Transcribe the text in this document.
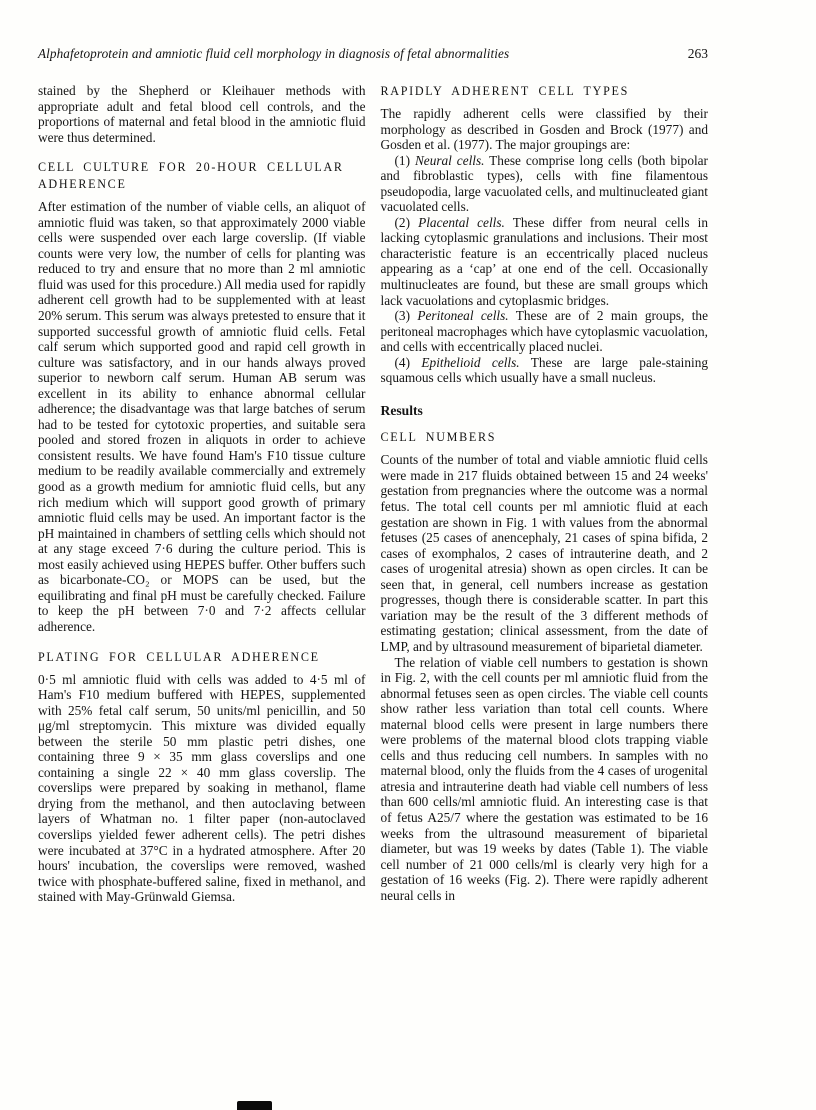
Alphafetoprotein and amniotic fluid cell morphology in diagnosis of fetal abnormalities	263

stained by the Shepherd or Kleihauer methods with appropriate adult and fetal blood cell controls, and the proportions of maternal and fetal blood in the amniotic fluid were thus determined.

CELL CULTURE FOR 20-HOUR CELLULAR ADHERENCE

After estimation of the number of viable cells, an aliquot of amniotic fluid was taken, so that approximately 2000 viable cells were suspended over each large coverslip. (If viable counts were very low, the number of cells for planting was reduced to try and ensure that no more than 2 ml amniotic fluid was used for this procedure.) All media used for rapidly adherent cell growth had to be supplemented with at least 20% serum. This serum was always pretested to ensure that it supported successful growth of amniotic fluid cells. Fetal calf serum which supported good and rapid cell growth in culture was satisfactory, and in our hands always proved superior to newborn calf serum. Human AB serum was excellent in its ability to enhance abnormal cellular adherence; the disadvantage was that large batches of serum had to be tested for cytotoxic properties, and suitable sera pooled and stored frozen in aliquots in order to achieve consistent results. We have found Ham's F10 tissue culture medium to be readily available commercially and extremely good as a growth medium for amniotic fluid cells, but any rich medium which will support good growth of primary amniotic fluid cells may be used. An important factor is the pH maintained in chambers of settling cells which should not at any stage exceed 7·6 during the culture period. This is most easily achieved using HEPES buffer. Other buffers such as bicarbonate-CO₂ or MOPS can be used, but the equilibrating and final pH must be carefully checked. Failure to keep the pH between 7·0 and 7·2 affects cellular adherence.

PLATING FOR CELLULAR ADHERENCE

0·5 ml amniotic fluid with cells was added to 4·5 ml of Ham's F10 medium buffered with HEPES, supplemented with 25% fetal calf serum, 50 units/ml penicillin, and 50 μg/ml streptomycin. This mixture was divided equally between the sterile 50 mm plastic petri dishes, one containing three 9 × 35 mm glass coverslips and one containing a single 22 × 40 mm glass coverslip. The coverslips were prepared by soaking in methanol, flame drying from the methanol, and then autoclaving between layers of Whatman no. 1 filter paper (non-autoclaved coverslips yielded fewer adherent cells). The petri dishes were incubated at 37°C in a hydrated atmosphere. After 20 hours' incubation, the coverslips were removed, washed twice with phosphate-buffered saline, fixed in methanol, and stained with May-Grünwald Giemsa.

RAPIDLY ADHERENT CELL TYPES

The rapidly adherent cells were classified by their morphology as described in Gosden and Brock (1977) and Gosden et al. (1977). The major groupings are:

(1) Neural cells. These comprise long cells (both bipolar and fibroblastic types), cells with fine filamentous pseudopodia, large vacuolated cells, and multinucleated giant vacuolated cells.

(2) Placental cells. These differ from neural cells in lacking cytoplasmic granulations and inclusions. Their most characteristic feature is an eccentrically placed nucleus appearing as a ‘cap’ at one end of the cell. Occasionally multinucleates are found, but these are small groups which lack vacuolations and cytoplasmic bridges.

(3) Peritoneal cells. These are of 2 main groups, the peritoneal macrophages which have cytoplasmic vacuolation, and cells with eccentrically placed nuclei.

(4) Epithelioid cells. These are large pale-staining squamous cells which usually have a small nucleus.

Results
CELL NUMBERS

Counts of the number of total and viable amniotic fluid cells were made in 217 fluids obtained between 15 and 24 weeks' gestation from pregnancies where the outcome was a normal fetus. The total cell counts per ml amniotic fluid at each gestation are shown in Fig. 1 with values from the abnormal fetuses (25 cases of anencephaly, 21 cases of spina bifida, 2 cases of exomphalos, 2 cases of intrauterine death, and 2 cases of urogenital atresia) shown as open circles. It can be seen that, in general, cell numbers increase as gestation progresses, though there is considerable scatter. In part this variation may be the result of the 3 different methods of estimating gestation; clinical assessment, from the date of LMP, and by ultrasound measurement of biparietal diameter.

The relation of viable cell numbers to gestation is shown in Fig. 2, with the cell counts per ml amniotic fluid from the abnormal fetuses seen as open circles. The viable cell counts show rather less variation than total cell counts. Where maternal blood cells were present in large numbers there were problems of the maternal blood clots trapping viable cells and thus reducing cell numbers. In samples with no maternal blood, only the fluids from the 4 cases of urogenital atresia and intrauterine death had viable cell numbers of less than 600 cells/ml amniotic fluid. An interesting case is that of fetus A25/7 where the gestation was estimated to be 16 weeks from the ultrasound measurement of biparietal diameter, but was 19 weeks by dates (Table 1). The viable cell number of 21 000 cells/ml is clearly very high for a gestation of 16 weeks (Fig. 2). There were rapidly adherent neural cells in
